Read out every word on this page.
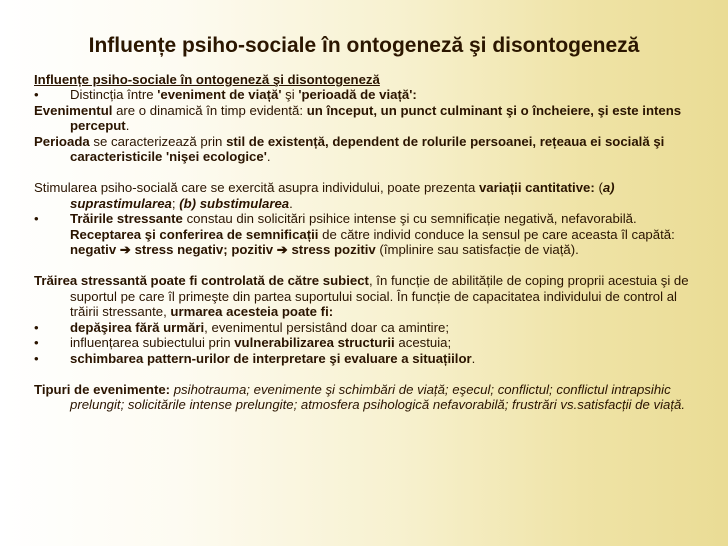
Influențe psiho-sociale în ontogeneză şi disontogeneză

Influențe psiho-sociale în ontogeneză şi disontogeneză

• Distincția între 'eveniment de viață' şi 'perioadă de viață':

Evenimentul are o dinamică în timp evidentă: un început, un punct culminant şi o încheiere, şi este intens perceput.

Perioada se caracterizează prin stil de existență, dependent de rolurile persoanei, rețeaua ei socială şi caracteristicile 'nişei ecologice'.

Stimularea psiho-socială care se exercită asupra individului, poate prezenta variații cantitative: (a) suprastimularea; (b) substimularea.

• Trăirile stressante constau din solicitări psihice intense şi cu semnificație negativă, nefavorabilă. Receptarea şi conferirea de semnificații de către individ conduce la sensul pe care aceasta îl capătă: negativ ➔ stress negativ; pozitiv ➔ stress pozitiv (împlinire sau satisfacție de viață).

Trăirea stressantă poate fi controlată de către subiect, în funcție de abilitățile de coping proprii acestuia şi de suportul pe care îl primeşte din partea suportului social. În funcție de capacitatea individului de control al trăirii stressante, urmarea acesteia poate fi:

• depăşirea fără urmări, evenimentul persistând doar ca amintire;

• influențarea subiectului prin vulnerabilizarea structurii acestuia;

• schimbarea pattern-urilor de interpretare şi evaluare a situațiilor.

Tipuri de evenimente: psihotrauma; evenimente şi schimbări de viață; eşecul; conflictul; conflictul intrapsihic prelungit; solicitările intense prelungite; atmosfera psihologică nefavorabilă; frustrări vs.satisfacții de viață.
